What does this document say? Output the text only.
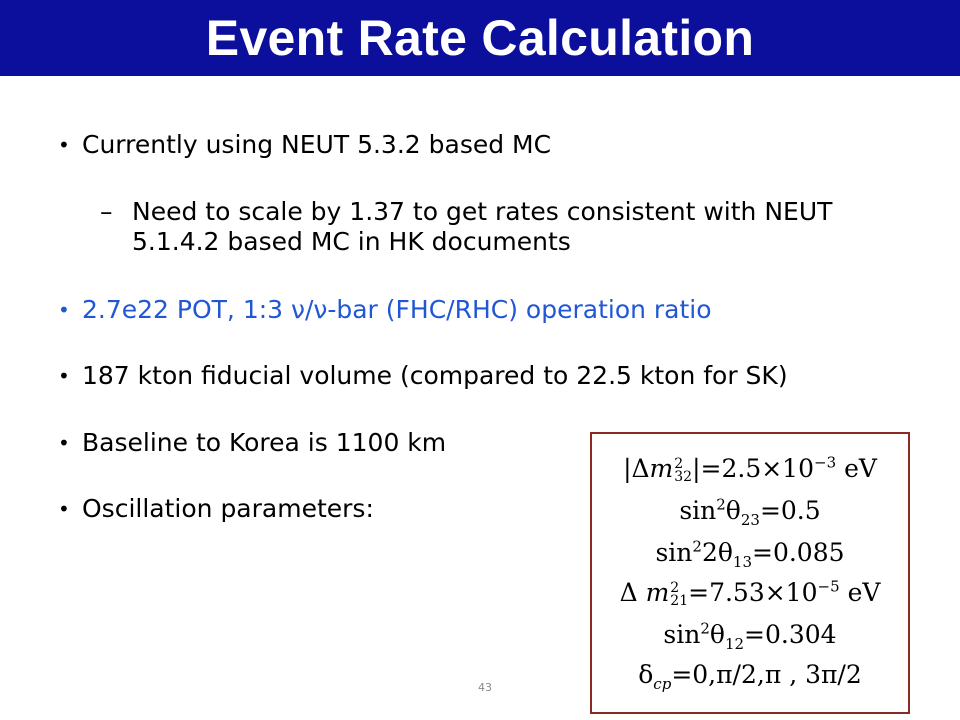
Event Rate Calculation
• Currently using NEUT 5.3.2 based MC
– Need to scale by 1.37 to get rates consistent with NEUT 5.1.4.2 based MC in HK documents
• 2.7e22 POT, 1:3 ν/ν-bar (FHC/RHC) operation ratio
• 187 kton fiducial volume (compared to 22.5 kton for SK)
• Baseline to Korea is 1100 km
• Oscillation parameters:
|Δm 2
32 $|=2.5\times 10^{-3}$ eV
$\sin^2\theta_{23}=0.5$
$\sin^22\theta_{13}=0.085$
Δ m 2
$21 =7.53\times 10^{-5}$ eV
$\sin^2\theta_{12}=0.304$
$\delta_{cp}=0,\pi/2,\pi$ , 3π/2
43
